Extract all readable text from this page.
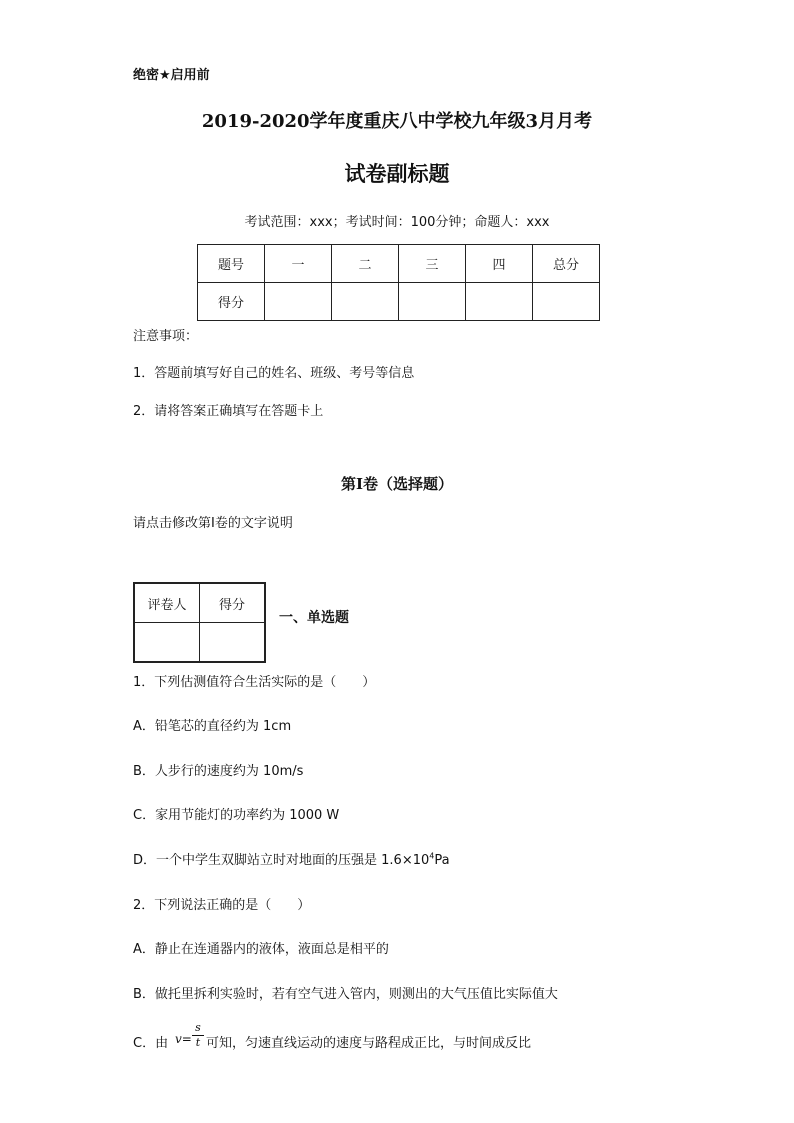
绝密★启用前
2019-2020学年度重庆八中学校九年级3月月考
试卷副标题
考试范围：xxx；考试时间：100分钟；命题人：xxx
题号	一	二	三	四	总分
得分					
注意事项：
1．答题前填写好自己的姓名、班级、考号等信息
2．请将答案正确填写在答题卡上
第I卷（选择题）
请点击修改第I卷的文字说明
评卷人	得分

一、单选题
1．下列估测值符合生活实际的是（　　）
A．铅笔芯的直径约为 1cm
B．人步行的速度约为 10m/s
C．家用节能灯的功率约为 1000 W
D．一个中学生双脚站立时对地面的压强是 $1.6\times 10^4Pa$
2．下列说法正确的是（　　）
A．静止在连通器内的液体，液面总是相平的
B．做托里拆利实验时，若有空气进入管内，则测出的大气压值比实际值大
C．由 v=
s
t 可知，匀速直线运动的速度与路程成正比，与时间成反比
